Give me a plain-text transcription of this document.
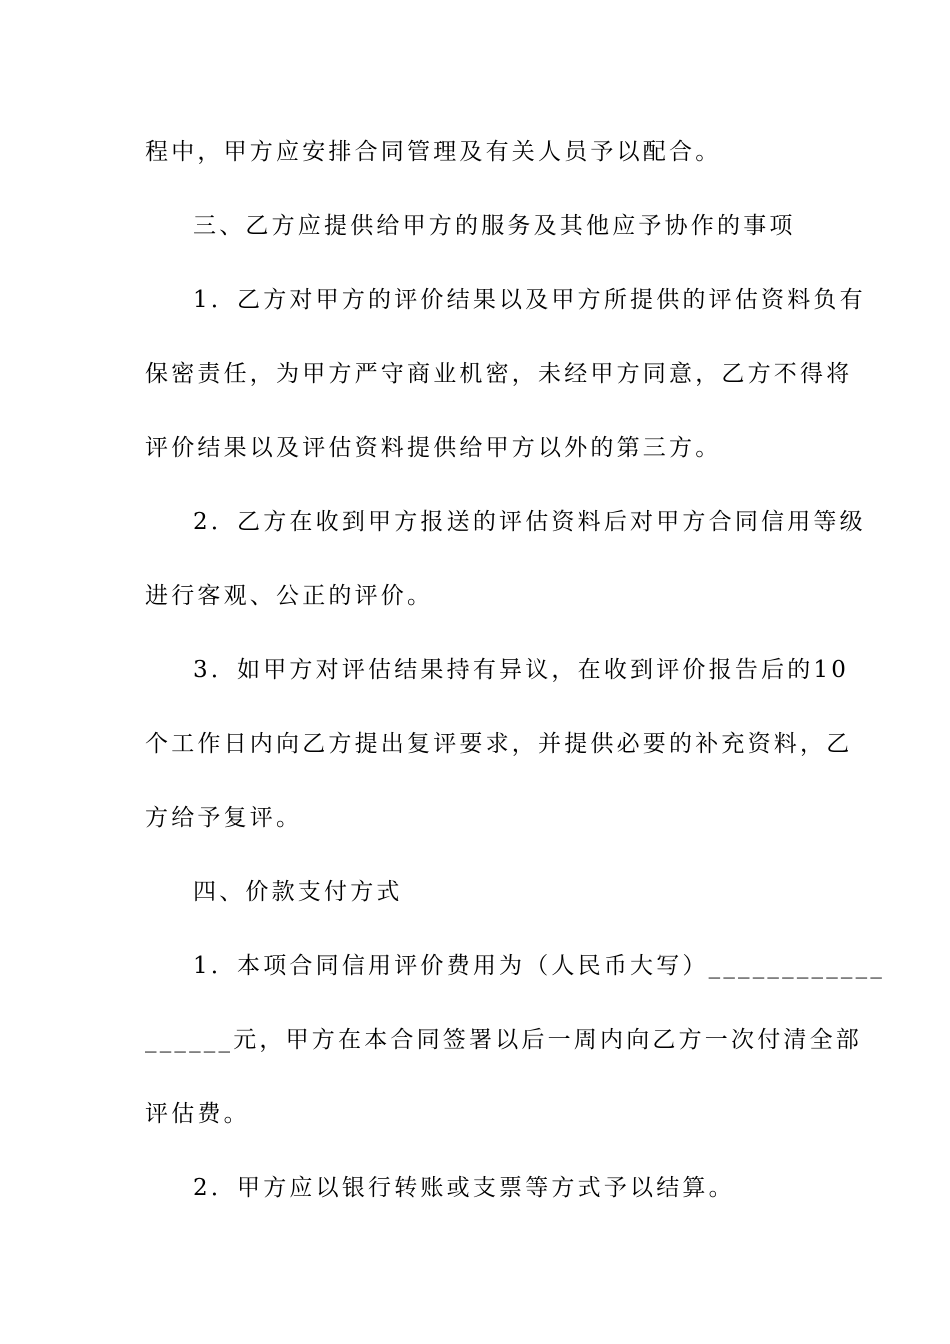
程中，甲方应安排合同管理及有关人员予以配合。
三、乙方应提供给甲方的服务及其他应予协作的事项
1．乙方对甲方的评价结果以及甲方所提供的评估资料负有
保密责任，为甲方严守商业机密，未经甲方同意，乙方不得将
评价结果以及评估资料提供给甲方以外的第三方。
2．乙方在收到甲方报送的评估资料后对甲方合同信用等级
进行客观、公正的评价。
3．如甲方对评估结果持有异议，在收到评价报告后的10
个工作日内向乙方提出复评要求，并提供必要的补充资料，乙
方给予复评。
四、价款支付方式
1．本项合同信用评价费用为（人民币大写）____________
______元，甲方在本合同签署以后一周内向乙方一次付清全部
评估费。
2．甲方应以银行转账或支票等方式予以结算。
